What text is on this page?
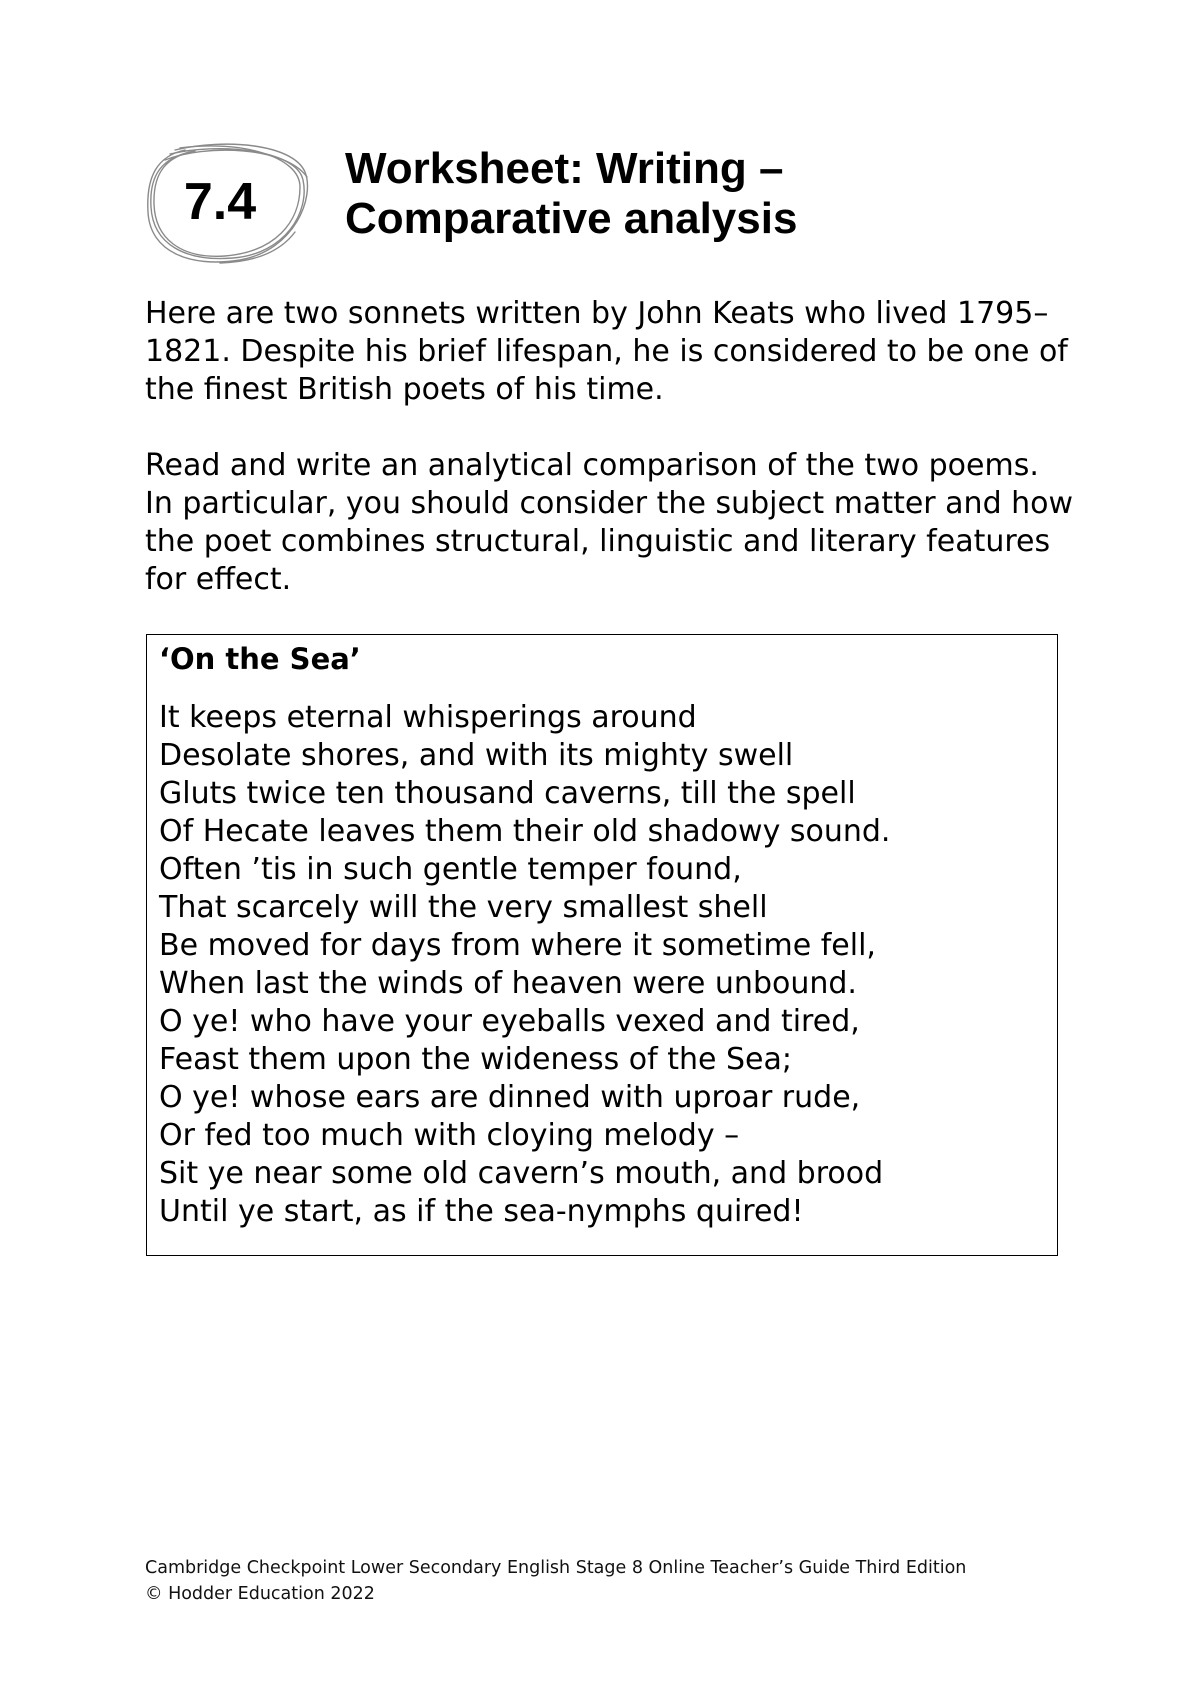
7.4
Worksheet: Writing –
Comparative analysis

Here are two sonnets written by John Keats who lived 1795–1821. Despite his brief lifespan, he is considered to be one of the finest British poets of his time.

Read and write an analytical comparison of the two poems. In particular, you should consider the subject matter and how the poet combines structural, linguistic and literary features for effect.

‘On the Sea’
It keeps eternal whisperings around
Desolate shores, and with its mighty swell
Gluts twice ten thousand caverns, till the spell
Of Hecate leaves them their old shadowy sound.
Often ’tis in such gentle temper found,
That scarcely will the very smallest shell
Be moved for days from where it sometime fell,
When last the winds of heaven were unbound.
O ye! who have your eyeballs vexed and tired,
Feast them upon the wideness of the Sea;
O ye! whose ears are dinned with uproar rude,
Or fed too much with cloying melody –
Sit ye near some old cavern’s mouth, and brood
Until ye start, as if the sea-nymphs quired!
Cambridge Checkpoint Lower Secondary English Stage 8 Online Teacher’s Guide Third Edition
© Hodder Education 2022
